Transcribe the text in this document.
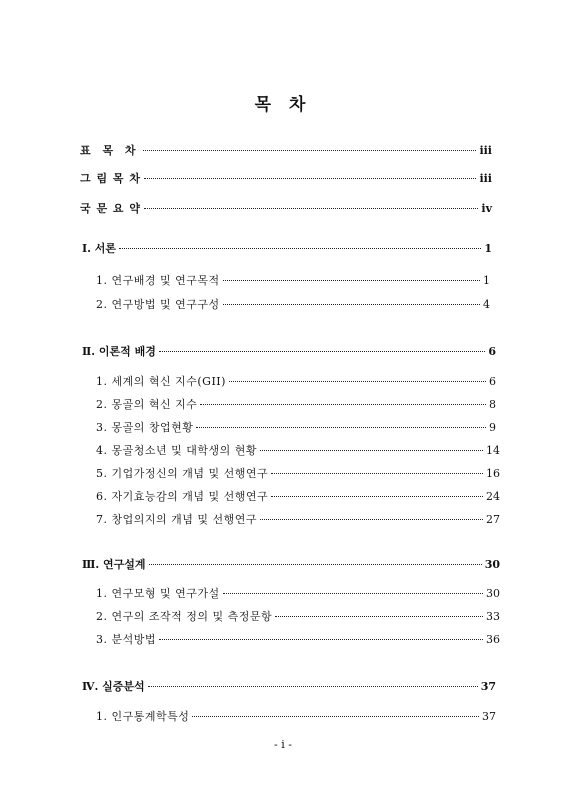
목 차
표 목 차	iii
그 림 목 차	iii
국 문 요 약	iv
Ⅰ. 서론	1
1. 연구배경 및 연구목적	1
2. 연구방법 및 연구구성	4
Ⅱ. 이론적 배경	6
1. 세계의 혁신 지수(GII)	6
2. 몽골의 혁신 지수	8
3. 몽골의 창업현황	9
4. 몽골청소년 및 대학생의 현황	14
5. 기업가정신의 개념 및 선행연구	16
6. 자기효능감의 개념 및 선행연구	24
7. 창업의지의 개념 및 선행연구	27
Ⅲ. 연구설계	30
1. 연구모형 및 연구가설	30
2. 연구의 조작적 정의 및 측정문항	33
3. 분석방법	36
Ⅳ. 실증분석	37
1. 인구통계학특성	37
- i -
